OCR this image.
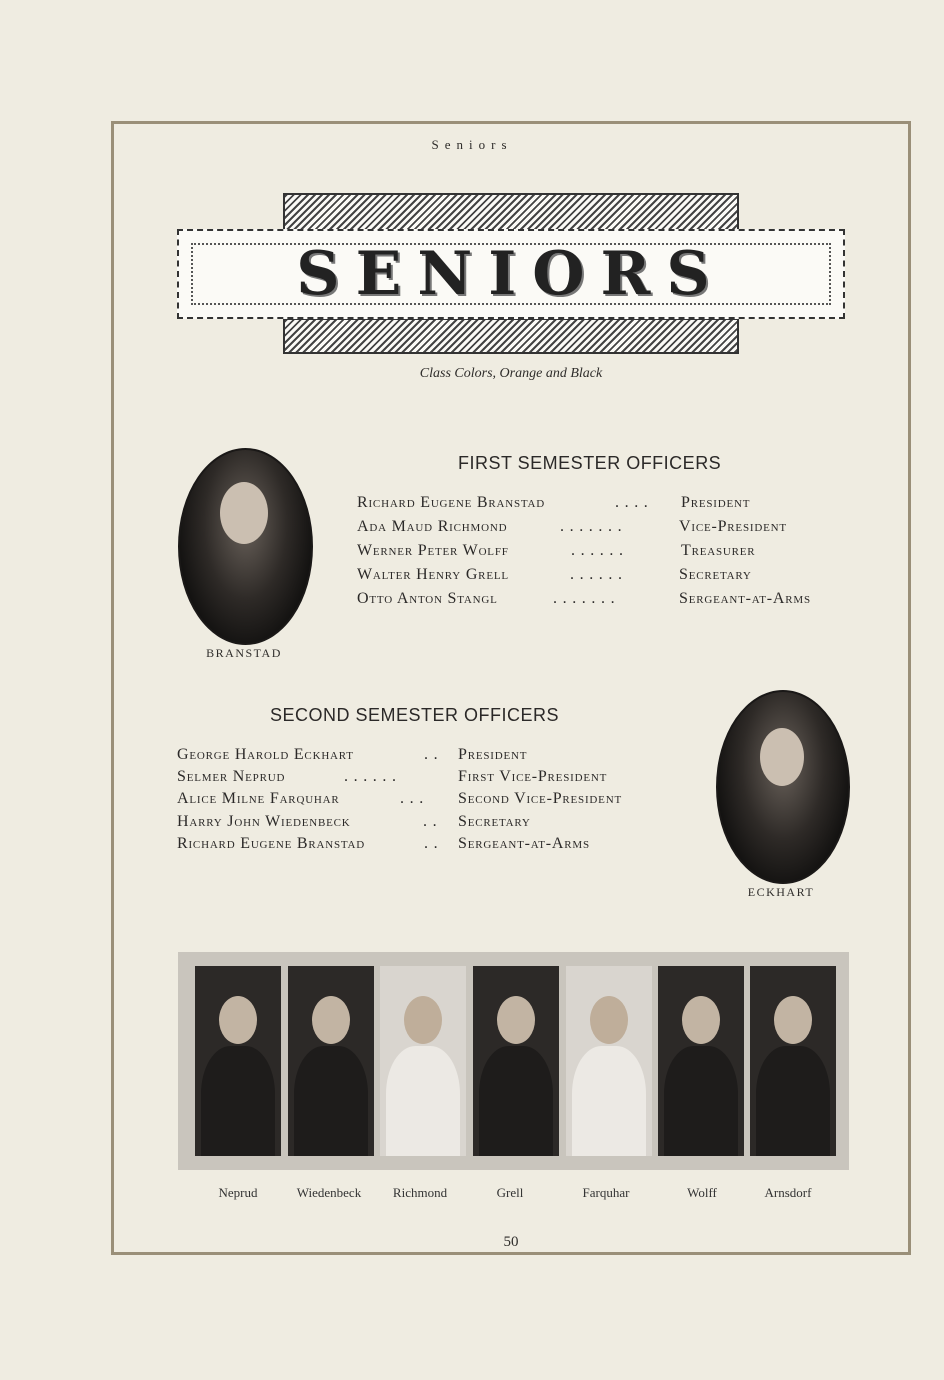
Seniors
SENIORS
Class Colors, Orange and Black
BRANSTAD
FIRST SEMESTER OFFICERS
Richard Eugene Branstad	. . . . President
Ada Maud Richmond	. . . . . . .	Vice-President
Werner Peter Wolff	. . . . . .	Treasurer
Walter Henry Grell	. . . . . .	Secretary
Otto Anton Stangl	. . . . . . .	Sergeant-at-Arms
SECOND SEMESTER OFFICERS
George Harold Eckhart	. . President
Selmer Neprud	. . . . . .	First Vice-President
Alice Milne Farquhar	. . . Second Vice-President
Harry John Wiedenbeck	. . Secretary
Richard Eugene Branstad	. . Sergeant-at-Arms
ECKHART
Neprud	Wiedenbeck	Richmond	Grell	Farquhar	Wolff	Arnsdorf
50
